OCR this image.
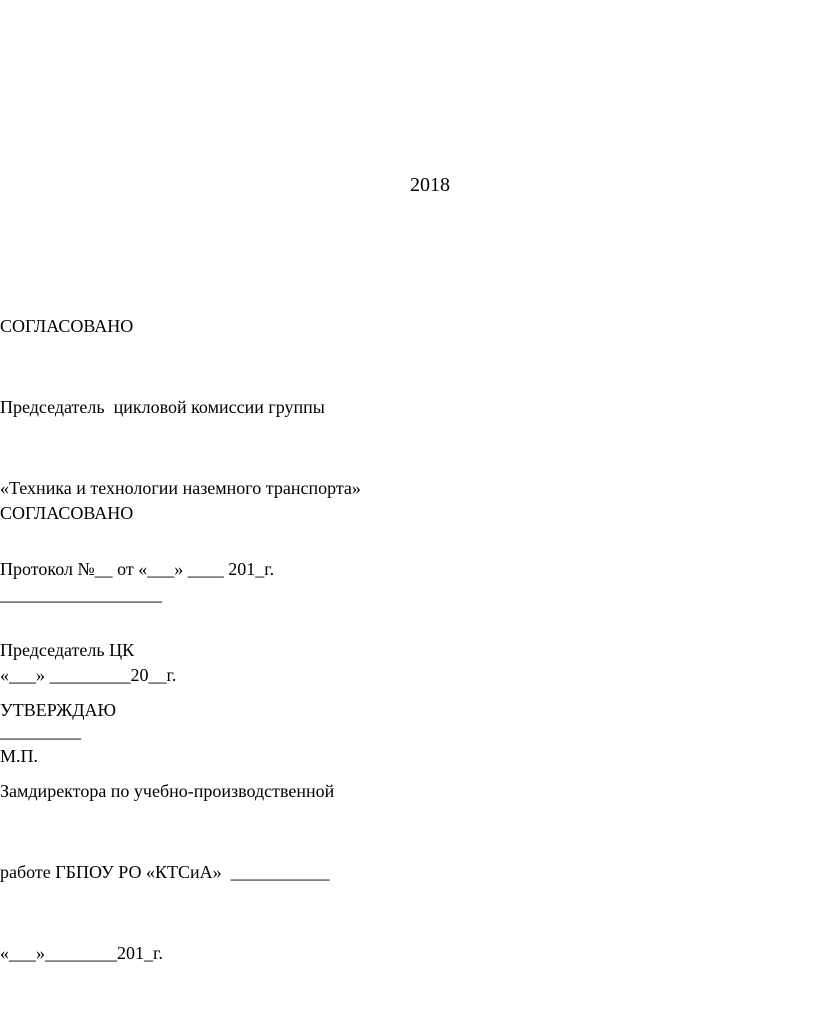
2018

СОГЛАСОВАНО

Председатель  цикловой комиссии группы

«Техника и технологии наземного транспорта»

Протокол №__ от «___» ____ 201_г.

Председатель ЦК

_________

СОГЛАСОВАНО

__________________

«___» _________20__г.

М.П.

УТВЕРЖДАЮ

Замдиректора по учебно-производственной

работе ГБПОУ РО «КТСиА»  ___________

«___»________201_г.
